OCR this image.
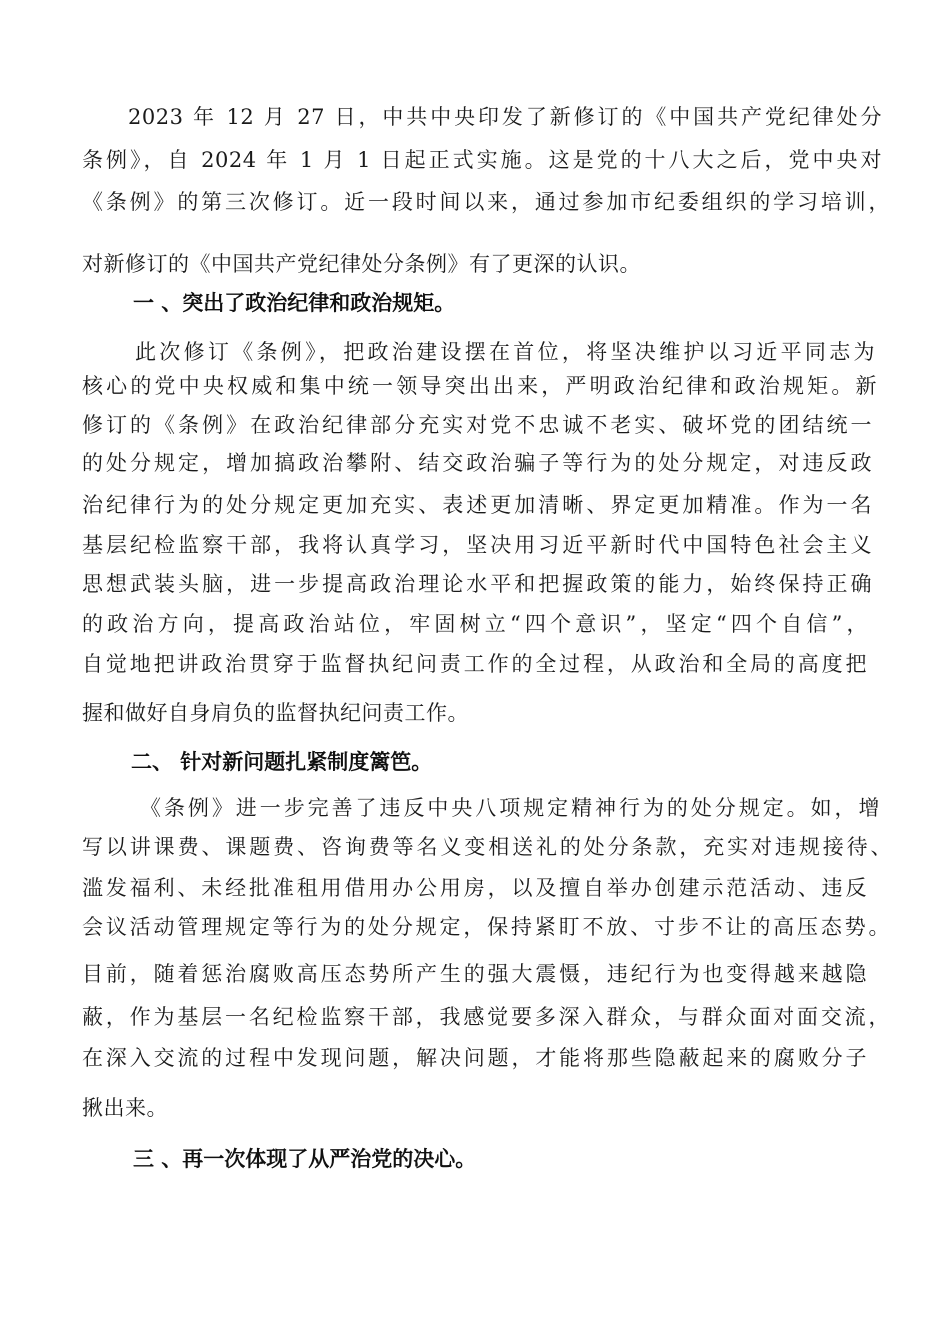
2023 年 12 月 27 日，中共中央印发了新修订的《中国共产党纪律处分
条例》，自 2024 年 1 月 1 日起正式实施。这是党的十八大之后，党中央对
《条例》的第三次修订。近一段时间以来，通过参加市纪委组织的学习培训，
对新修订的《中国共产党纪律处分条例》有了更深的认识。
一 、突出了政治纪律和政治规矩。
此次修订《条例》，把政治建设摆在首位，将坚决维护以习近平同志为
核心的党中央权威和集中统一领导突出出来，严明政治纪律和政治规矩。新
修订的《条例》在政治纪律部分充实对党不忠诚不老实、破坏党的团结统一
的处分规定，增加搞政治攀附、结交政治骗子等行为的处分规定，对违反政
治纪律行为的处分规定更加充实、表述更加清晰、界定更加精准。作为一名
基层纪检监察干部，我将认真学习，坚决用习近平新时代中国特色社会主义
思想武装头脑，进一步提高政治理论水平和把握政策的能力，始终保持正确
的政治方向，提高政治站位，牢固树立“四个意识”，坚定“四个自信”，
自觉地把讲政治贯穿于监督执纪问责工作的全过程，从政治和全局的高度把
握和做好自身肩负的监督执纪问责工作。
二、 针对新问题扎紧制度篱笆。
《条例》进一步完善了违反中央八项规定精神行为的处分规定。如，增
写以讲课费、课题费、咨询费等名义变相送礼的处分条款，充实对违规接待、
滥发福利、未经批准租用借用办公用房，以及擅自举办创建示范活动、违反
会议活动管理规定等行为的处分规定，保持紧盯不放、寸步不让的高压态势。
目前，随着惩治腐败高压态势所产生的强大震慑，违纪行为也变得越来越隐
蔽，作为基层一名纪检监察干部，我感觉要多深入群众，与群众面对面交流，
在深入交流的过程中发现问题，解决问题，才能将那些隐蔽起来的腐败分子
揪出来。
三 、再一次体现了从严治党的决心。
